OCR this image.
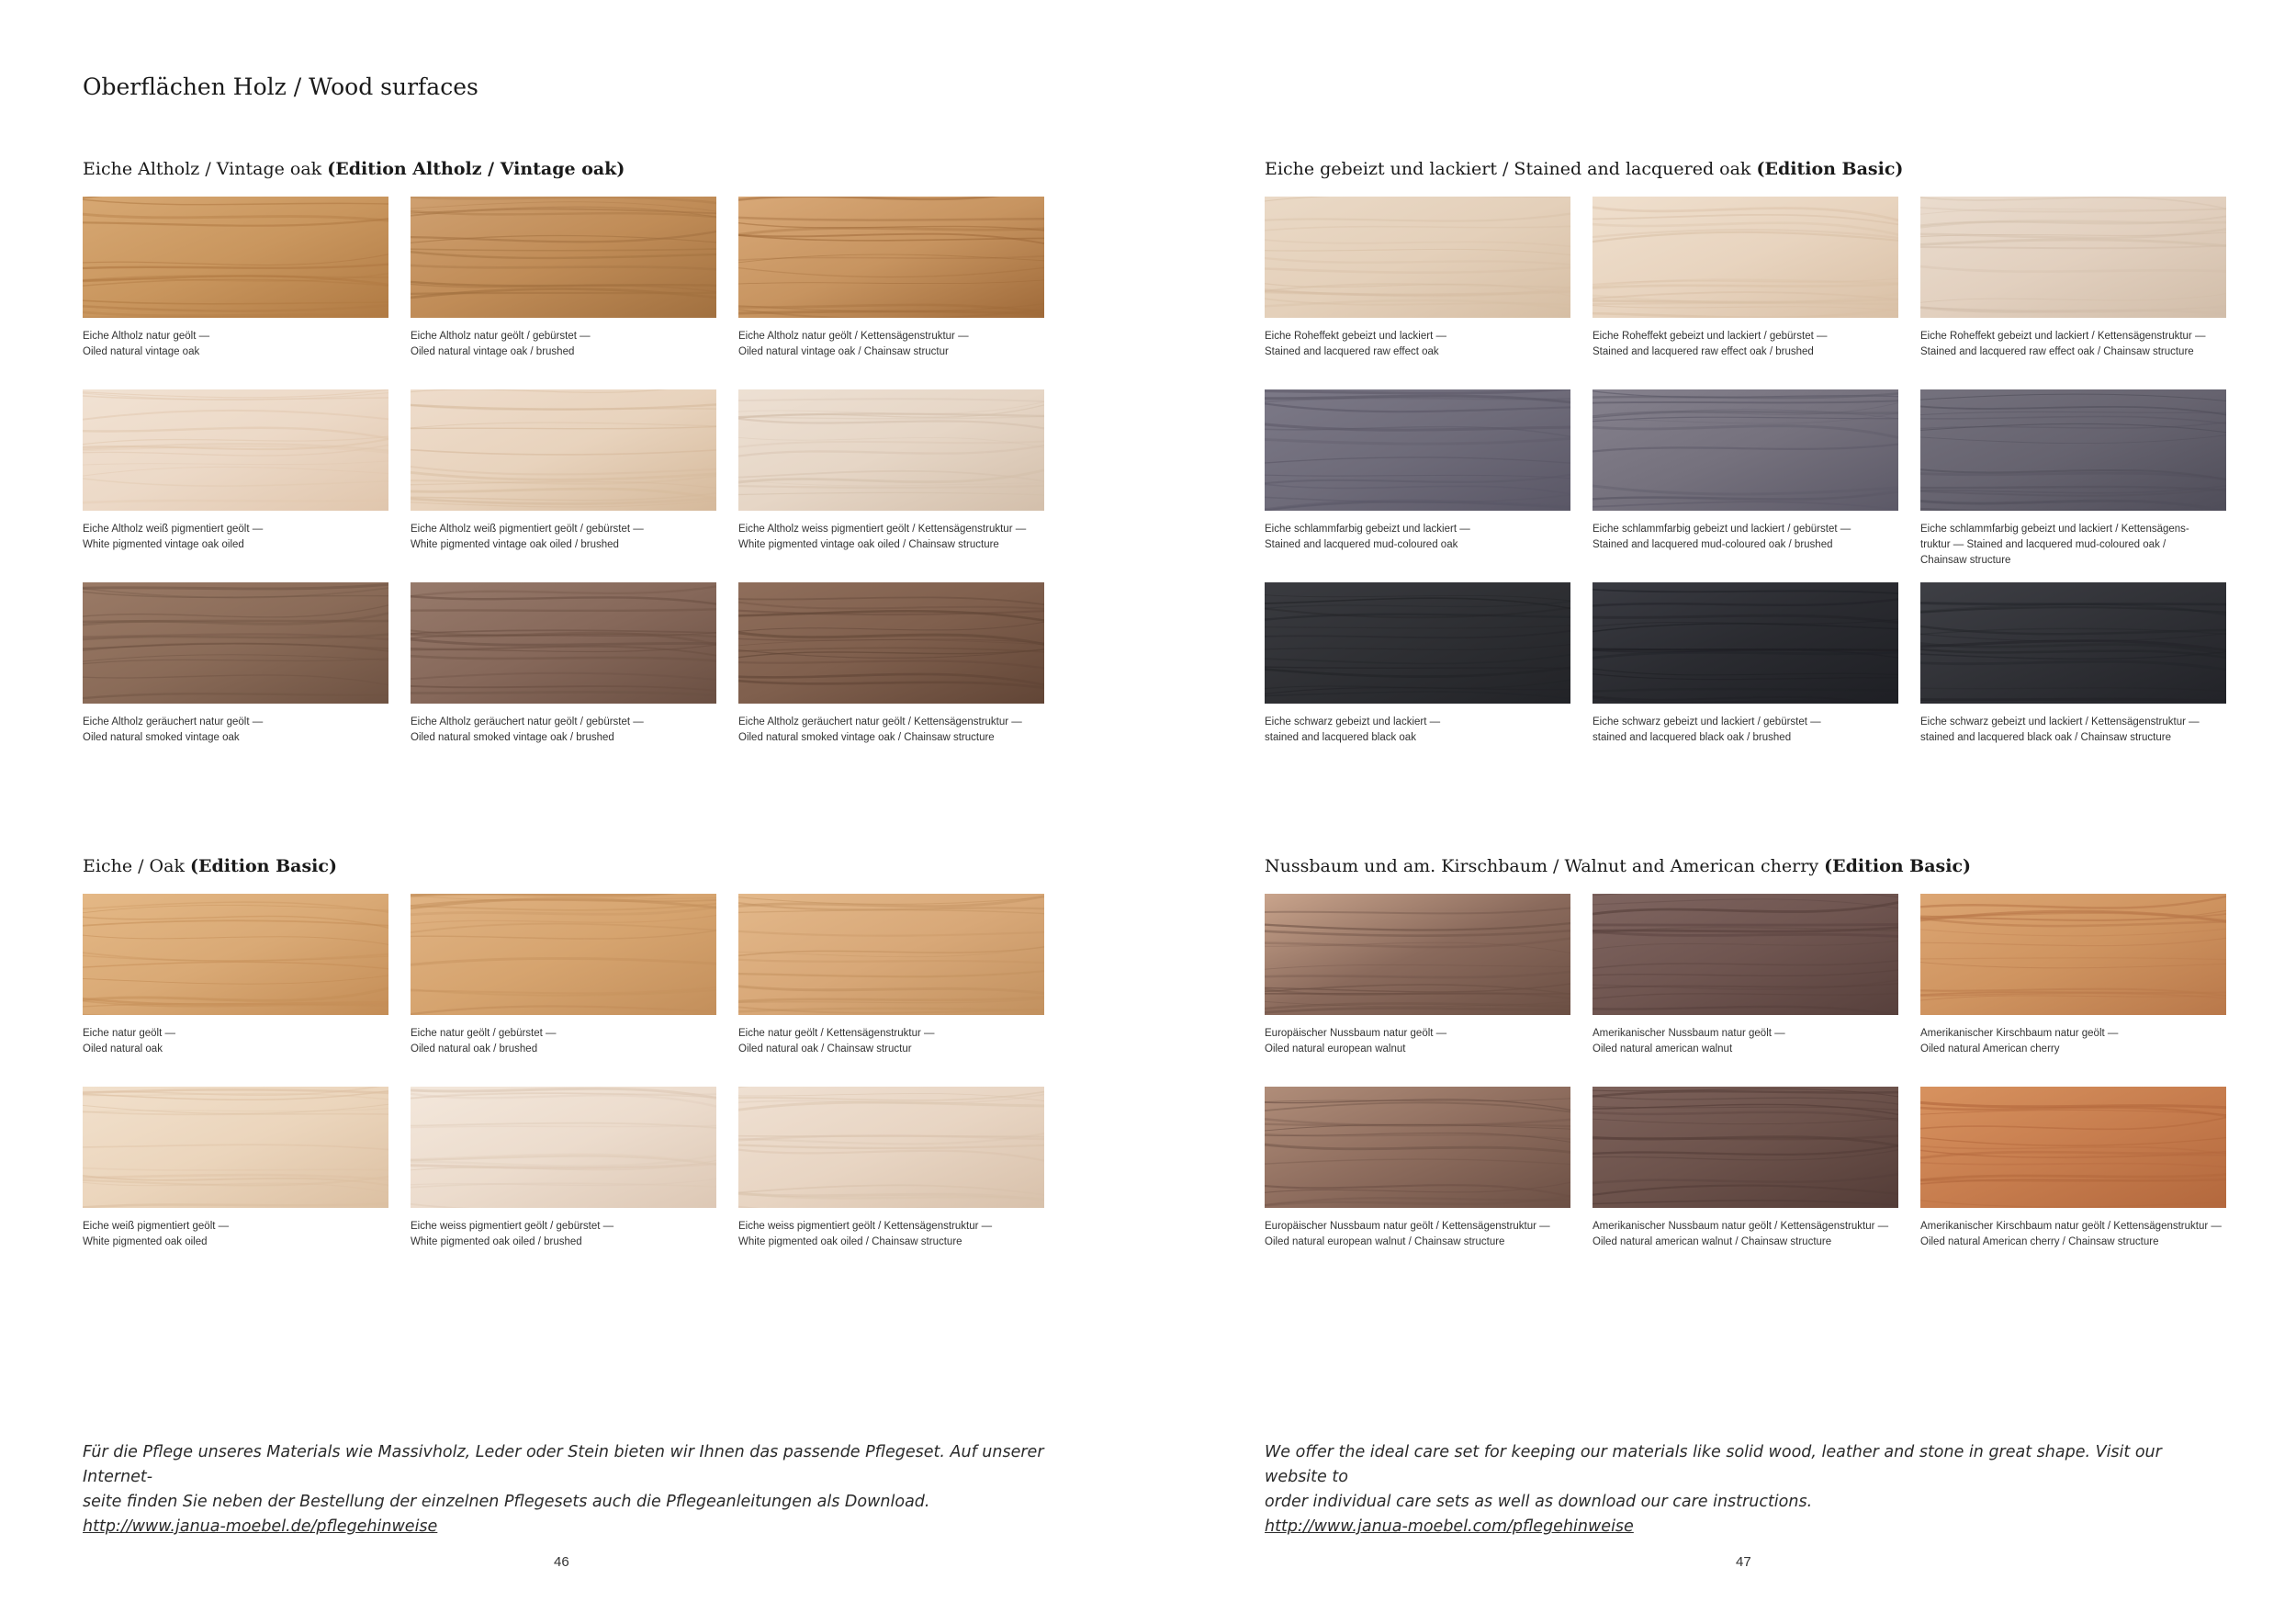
Oberflächen Holz / Wood surfaces
Eiche Altholz / Vintage oak (Edition Altholz / Vintage oak)
Eiche Altholz natur geölt —
Oiled natural vintage oak
Eiche Altholz natur geölt / gebürstet —
Oiled natural vintage oak / brushed
Eiche Altholz natur geölt / Kettensägenstruktur —
Oiled natural vintage oak / Chainsaw structur
Eiche Altholz weiß pigmentiert geölt —
White pigmented vintage oak oiled
Eiche Altholz weiß pigmentiert geölt / gebürstet —
White pigmented vintage oak oiled / brushed
Eiche Altholz weiss pigmentiert geölt / Kettensägenstruktur —
White pigmented vintage oak oiled / Chainsaw structure
Eiche Altholz geräuchert natur geölt —
Oiled natural smoked vintage oak
Eiche Altholz geräuchert natur geölt / gebürstet —
Oiled natural smoked vintage oak / brushed
Eiche Altholz geräuchert natur geölt / Kettensägenstruktur —
Oiled natural smoked vintage oak / Chainsaw structure
Eiche gebeizt und lackiert / Stained and lacquered oak (Edition Basic)
Eiche Roheffekt gebeizt und lackiert —
Stained and lacquered raw effect oak
Eiche Roheffekt gebeizt und lackiert / gebürstet —
Stained and lacquered raw effect oak / brushed
Eiche Roheffekt gebeizt und lackiert / Kettensägenstruktur —
Stained and lacquered raw effect oak / Chainsaw structure
Eiche schlammfarbig gebeizt und lackiert —
Stained and lacquered mud-coloured oak
Eiche schlammfarbig gebeizt und lackiert / gebürstet —
Stained and lacquered mud-coloured oak / brushed
Eiche schlammfarbig gebeizt und lackiert / Kettensägens-
truktur — Stained and lacquered mud-coloured oak /
Chainsaw structure
Eiche schwarz gebeizt und lackiert —
stained and lacquered black oak
Eiche schwarz gebeizt und lackiert / gebürstet —
stained and lacquered black oak / brushed
Eiche schwarz gebeizt und lackiert / Kettensägenstruktur —
stained and lacquered black oak / Chainsaw structure
Eiche / Oak (Edition Basic)
Eiche natur geölt —
Oiled natural oak
Eiche natur geölt / gebürstet —
Oiled natural oak / brushed
Eiche natur geölt / Kettensägenstruktur —
Oiled natural oak / Chainsaw structur
Eiche weiß pigmentiert geölt —
White pigmented oak oiled
Eiche weiss pigmentiert geölt / gebürstet —
White pigmented oak oiled / brushed
Eiche weiss pigmentiert geölt / Kettensägenstruktur —
White pigmented oak oiled / Chainsaw structure
Nussbaum und am. Kirschbaum / Walnut and American cherry (Edition Basic)
Europäischer Nussbaum natur geölt —
Oiled natural european walnut
Amerikanischer Nussbaum natur geölt —
Oiled natural american walnut
Amerikanischer Kirschbaum natur geölt —
Oiled natural American cherry
Europäischer Nussbaum natur geölt / Kettensägenstruktur —
Oiled natural european walnut / Chainsaw structure
Amerikanischer Nussbaum natur geölt / Kettensägenstruktur —
Oiled natural american walnut / Chainsaw structure
Amerikanischer Kirschbaum natur geölt / Kettensägenstruktur —
Oiled natural American cherry / Chainsaw structure

Für die Pflege unseres Materials wie Massivholz, Leder oder Stein bieten wir Ihnen das passende Pflegeset. Auf unserer Internet-

seite finden Sie neben der Bestellung der einzelnen Pflegesets auch die Pflegeanleitungen als Download.

http://www.janua-moebel.de/pflegehinweise

We offer the ideal care set for keeping our materials like solid wood, leather and stone in great shape. Visit our website to

order individual care sets as well as download our care instructions.

http://www.janua-moebel.com/pflegehinweise

46	47
